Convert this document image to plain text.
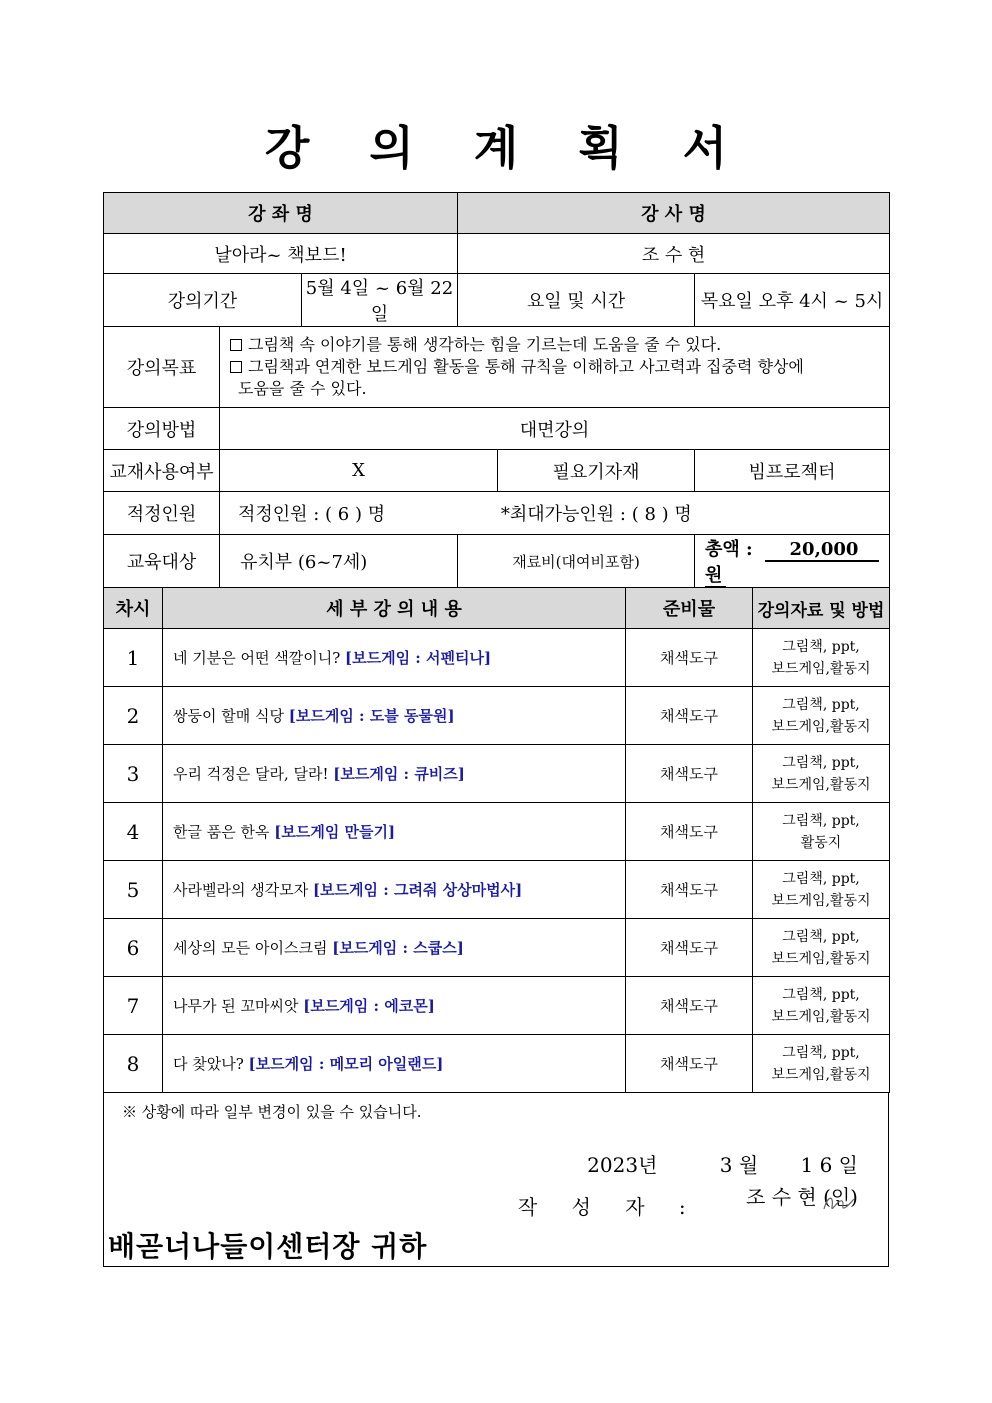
강 의 계 획 서
강 좌 명				강 사 명				
날아라~ 책보드!				조 수 현				
강의기간			5월 4일 ~ 6월 22일	요일 및 시간			목요일 오후 4시 ~ 5시	
강의목표		그림책 속 이야기를 통해 생각하는 힘을 기르는데 도움을 줄 수 있다.
그림책과 연계한 보드게임 활동을 통해 규칙을 이해하고 사고력과 집중력 향상에
도움을 줄 수 있다.						

강의방법		대면강의						
교재사용여부		X			필요기자재		빔프로젝터	
적정인원		적정인원 : ( 6 ) 명 *최대가능인원 : ( 8 ) 명						
교육대상		유치부 (6~7세)		재료비(대여비포함)			총액 : 20,000원	
차시	세 부 강 의 내 용					준비물		강의자료 및 방법
1	네 기분은 어떤 색깔이니? [보드게임 : 서펜티나]					채색도구		그림책, ppt,
보드게임,활동지

2	쌍둥이 할매 식당 [보드게임 : 도블 동물원]					채색도구		그림책, ppt,
보드게임,활동지

3	우리 걱정은 달라, 달라! [보드게임 : 큐비즈]					채색도구		그림책, ppt,
보드게임,활동지

4	한글 품은 한옥 [보드게임 만들기]					채색도구		그림책, ppt,
활동지

5	사라벨라의 생각모자 [보드게임 : 그려줘 상상마법사]					채색도구		그림책, ppt,
보드게임,활동지

6	세상의 모든 아이스크림 [보드게임 : 스쿱스]					채색도구		그림책, ppt,
보드게임,활동지

7	나무가 된 꼬마씨앗 [보드게임 : 에코몬]					채색도구		그림책, ppt,
보드게임,활동지

8	다 찾았나? [보드게임 : 메모리 아일랜드]					채색도구		그림책, ppt,
보드게임,활동지
※ 상황에 따라 일부 변경이 있을 수 있습니다.
2023년	3 월 1 6 일
작 성 자 : 조 수 현 (인)
배곧너나들이센터장 귀하
